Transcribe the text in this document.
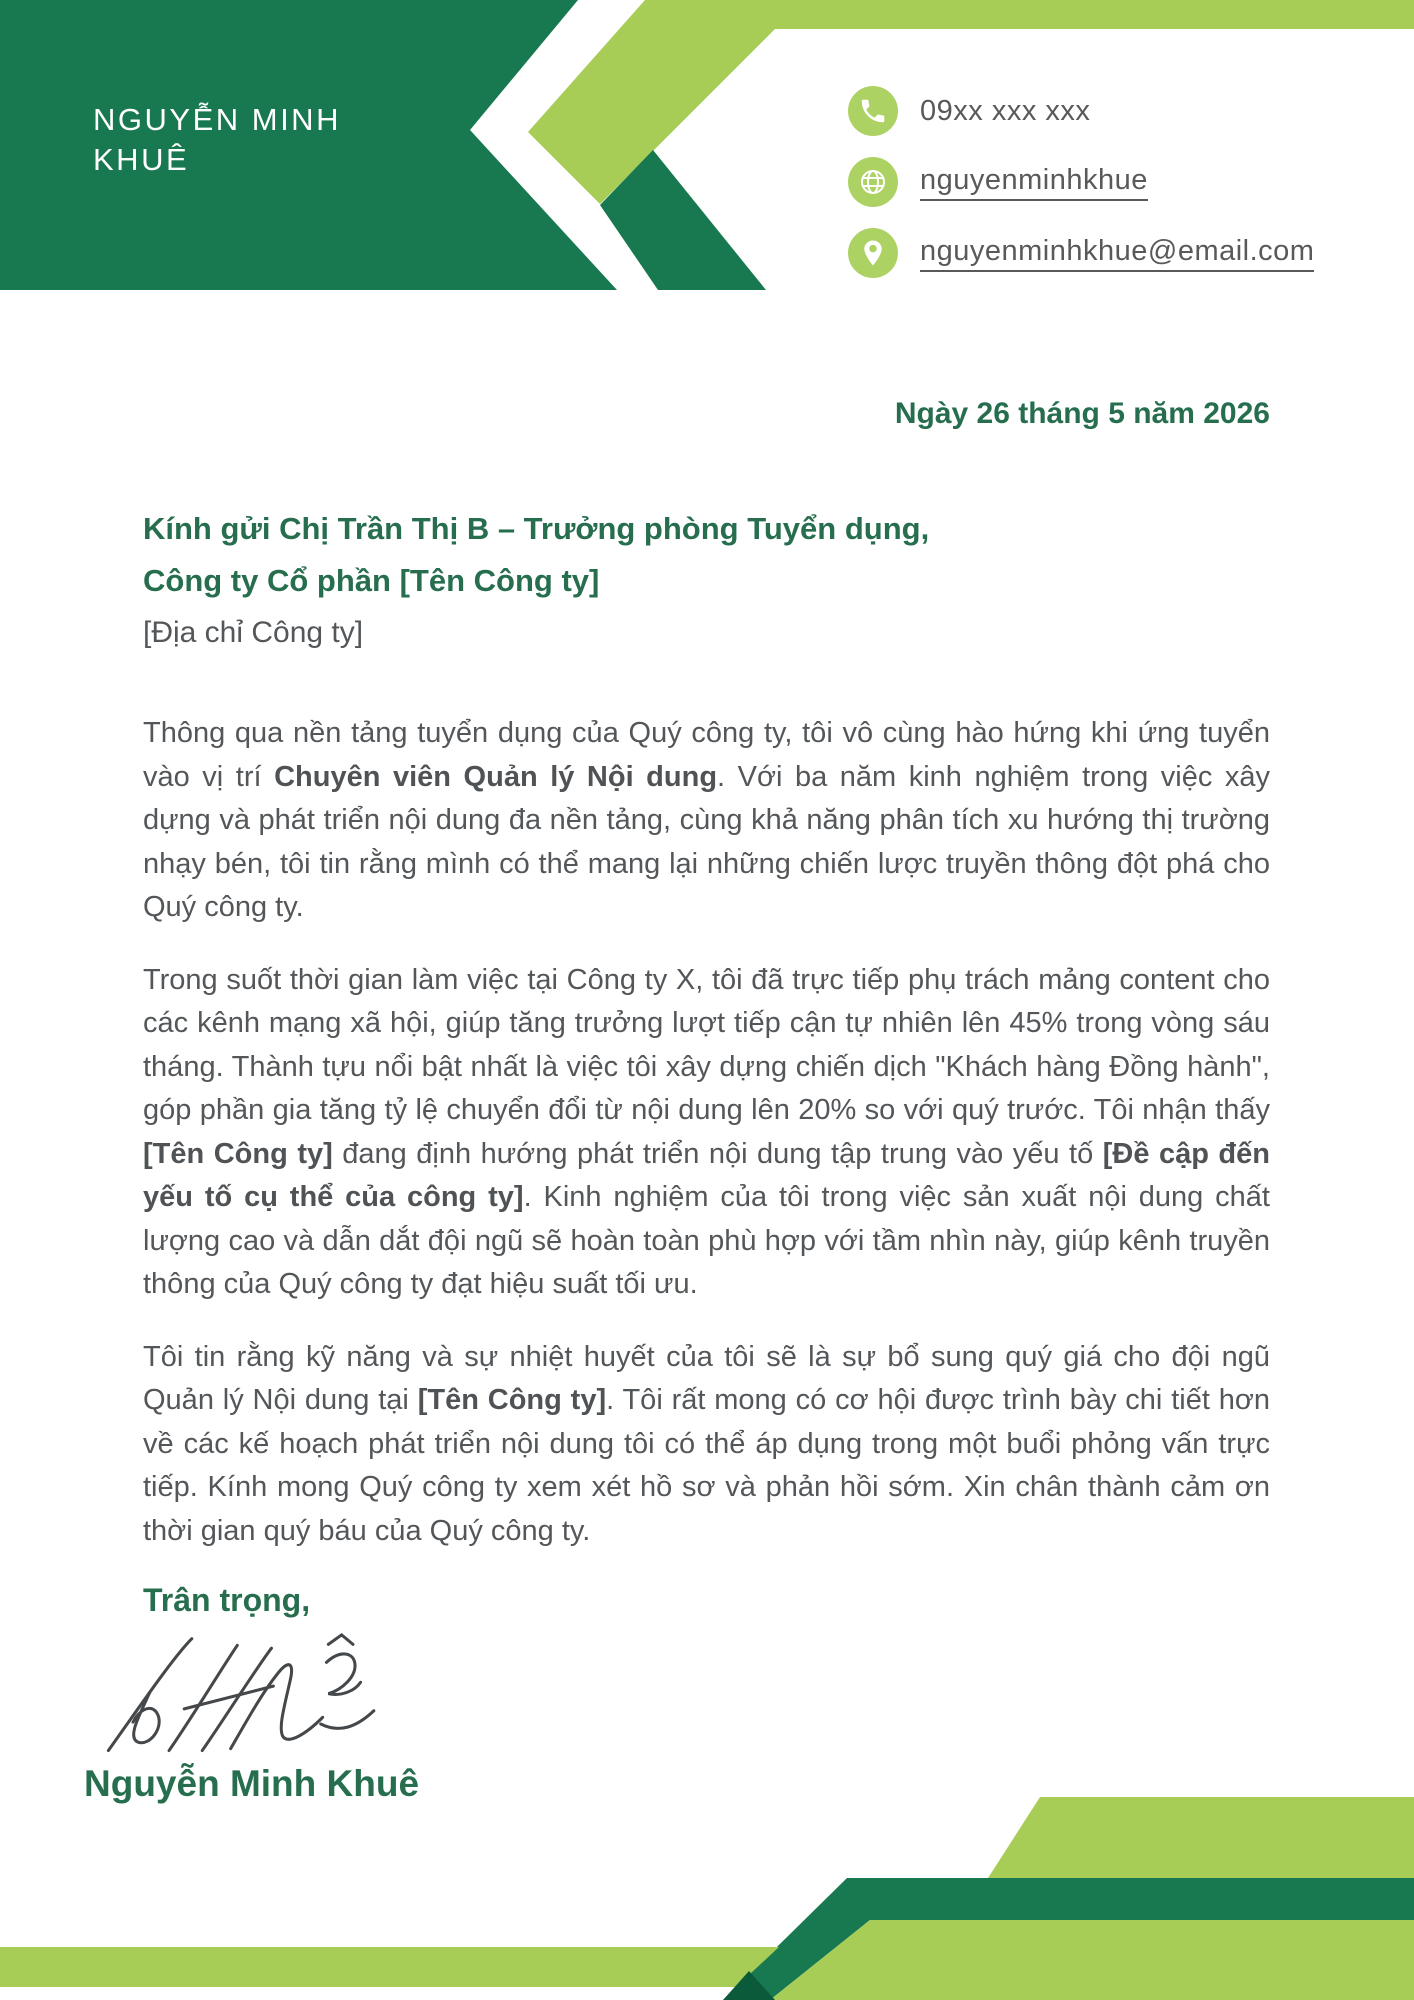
NGUYỄN MINH
KHUÊ
09xx xxx xxx
nguyenminhkhue
nguyenminhkhue@email.com
Ngày 26 tháng 5 năm 2026
Kính gửi Chị Trần Thị B – Trưởng phòng Tuyển dụng,
Công ty Cổ phần [Tên Công ty]
[Địa chỉ Công ty]

Thông qua nền tảng tuyển dụng của Quý công ty, tôi vô cùng hào hứng khi ứng tuyển vào vị trí Chuyên viên Quản lý Nội dung. Với ba năm kinh nghiệm trong việc xây dựng và phát triển nội dung đa nền tảng, cùng khả năng phân tích xu hướng thị trường nhạy bén, tôi tin rằng mình có thể mang lại những chiến lược truyền thông đột phá cho Quý công ty.

Trong suốt thời gian làm việc tại Công ty X, tôi đã trực tiếp phụ trách mảng content cho các kênh mạng xã hội, giúp tăng trưởng lượt tiếp cận tự nhiên lên 45% trong vòng sáu tháng. Thành tựu nổi bật nhất là việc tôi xây dựng chiến dịch "Khách hàng Đồng hành", góp phần gia tăng tỷ lệ chuyển đổi từ nội dung lên 20% so với quý trước. Tôi nhận thấy [Tên Công ty] đang định hướng phát triển nội dung tập trung vào yếu tố [Đề cập đến yếu tố cụ thể của công ty]. Kinh nghiệm của tôi trong việc sản xuất nội dung chất lượng cao và dẫn dắt đội ngũ sẽ hoàn toàn phù hợp với tầm nhìn này, giúp kênh truyền thông của Quý công ty đạt hiệu suất tối ưu.

Tôi tin rằng kỹ năng và sự nhiệt huyết của tôi sẽ là sự bổ sung quý giá cho đội ngũ Quản lý Nội dung tại [Tên Công ty]. Tôi rất mong có cơ hội được trình bày chi tiết hơn về các kế hoạch phát triển nội dung tôi có thể áp dụng trong một buổi phỏng vấn trực tiếp. Kính mong Quý công ty xem xét hồ sơ và phản hồi sớm. Xin chân thành cảm ơn thời gian quý báu của Quý công ty.

Trân trọng,
Nguyễn Minh Khuê
